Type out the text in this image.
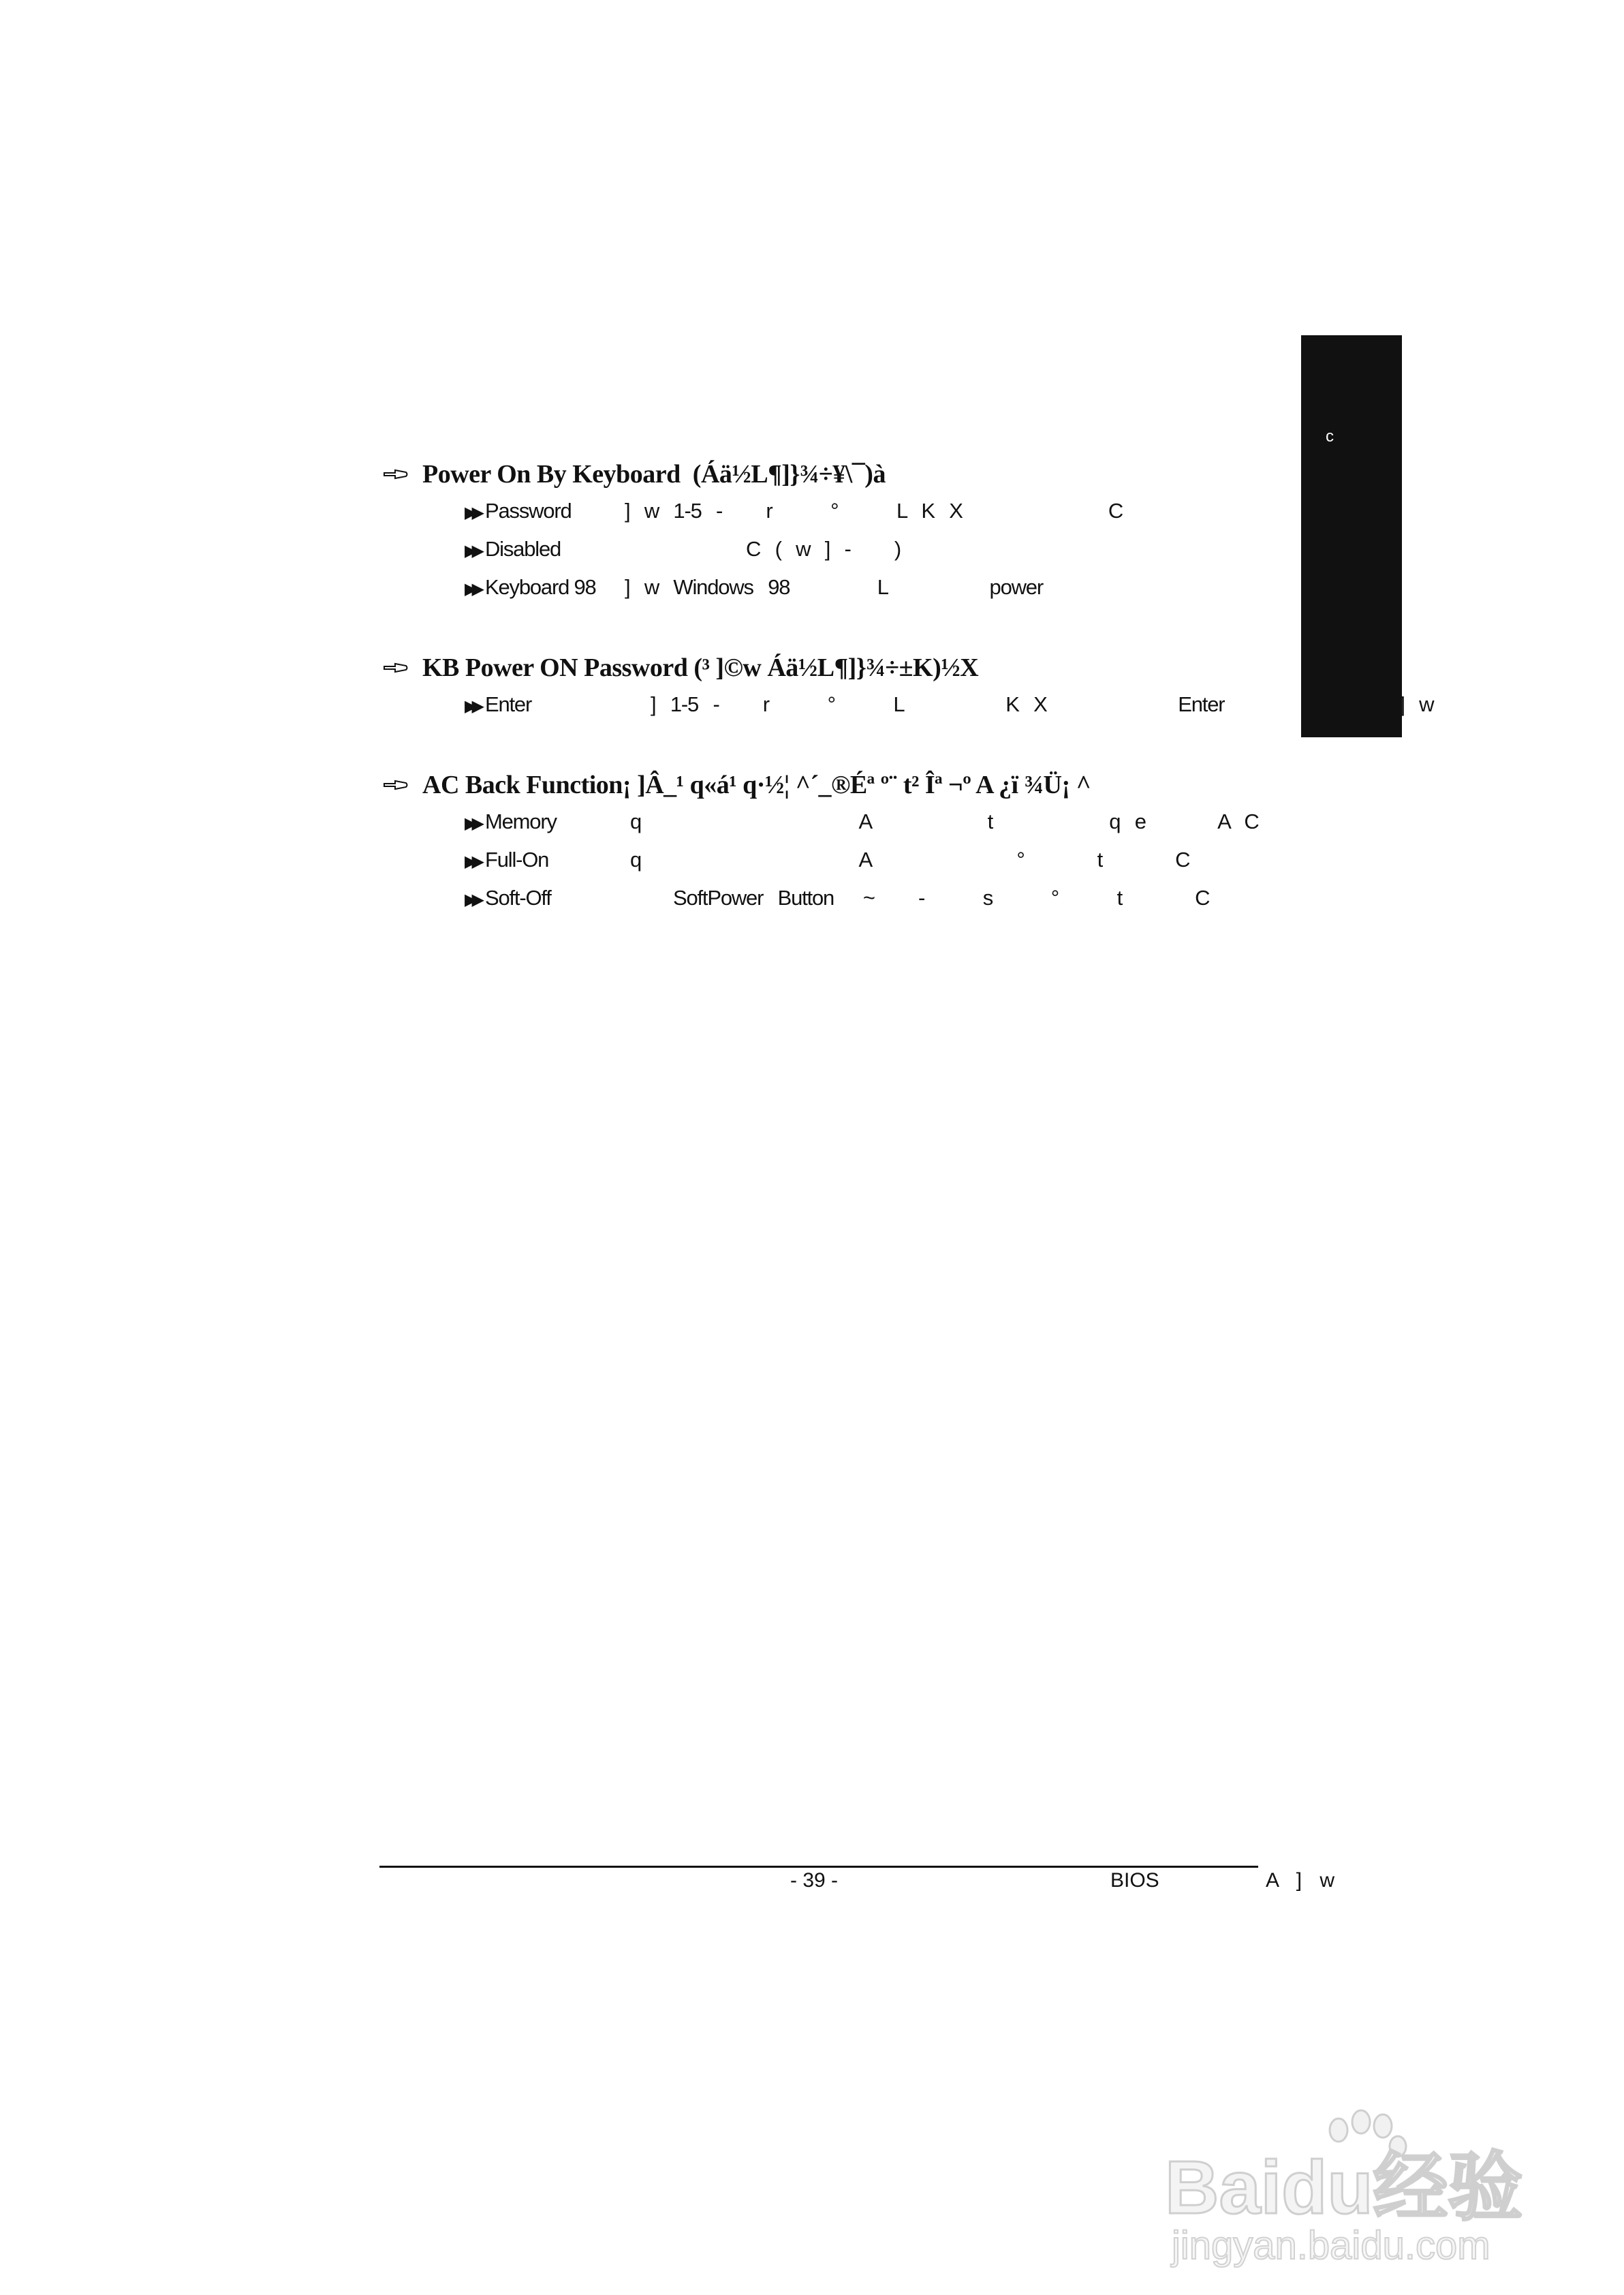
c
Power On By Keyboard  (Áä½L¶]}¾÷¥\¯)à
▶▶ Password	] w 1-5 -   r    °    L K X          C
▶▶ Disabled	C ( w ] -   )
▶▶ Keyboard 98 ] w Windows 98      L       power                    C
KB Power ON Password (³ ]©w Áä½L¶]}¾÷±K)½X
▶▶ Enter	] 1-5 -   r    °    L       K X         Enter            ] w
AC Back Function¡ ]Â_¹ q«á¹ q·½¦ ^´_®Éª º¨ t² Îª ¬º A ¿ï ¾Ü¡ ^
▶▶ Memory	q               A        t        q e     A C
▶▶ Full-On	q               A          °     t     C
▶▶ Soft-Off	SoftPower Button  ~   -    s    °    t     C
- 39 -	BIOS      A ] w
Baidu经验
jingyan.baidu.com
